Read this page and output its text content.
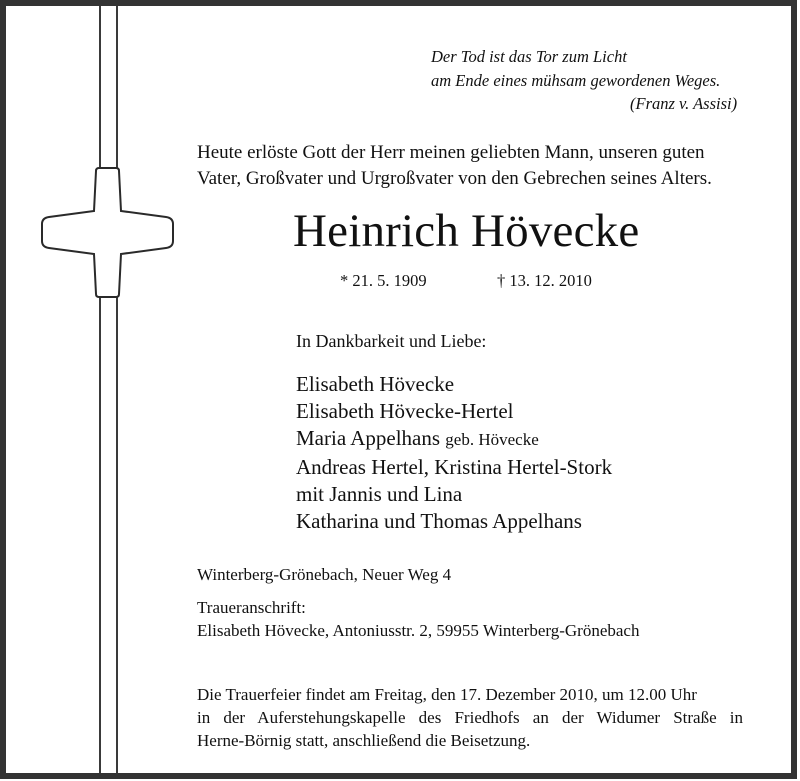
Der Tod ist das Tor zum Licht
am Ende eines mühsam gewordenen Weges.
(Franz v. Assisi)
Heute erlöste Gott der Herr meinen geliebten Mann, unseren guten
Vater, Großvater und Urgroßvater von den Gebrechen seines Alters.
Heinrich Hövecke
* 21. 5. 1909	† 13. 12. 2010
In Dankbarkeit und Liebe:
Elisabeth Hövecke
Elisabeth Hövecke-Hertel
Maria Appelhans geb. Hövecke
Andreas Hertel, Kristina Hertel-Stork
mit Jannis und Lina
Katharina und Thomas Appelhans
Winterberg-Grönebach, Neuer Weg 4
Traueranschrift:
Elisabeth Hövecke, Antoniusstr. 2, 59955 Winterberg-Grönebach
Die Trauerfeier findet am Freitag, den 17. Dezember 2010, um 12.00 Uhr
in der Auferstehungskapelle des Friedhofs an der Widumer Straße in
Herne-Börnig statt, anschließend die Beisetzung.
